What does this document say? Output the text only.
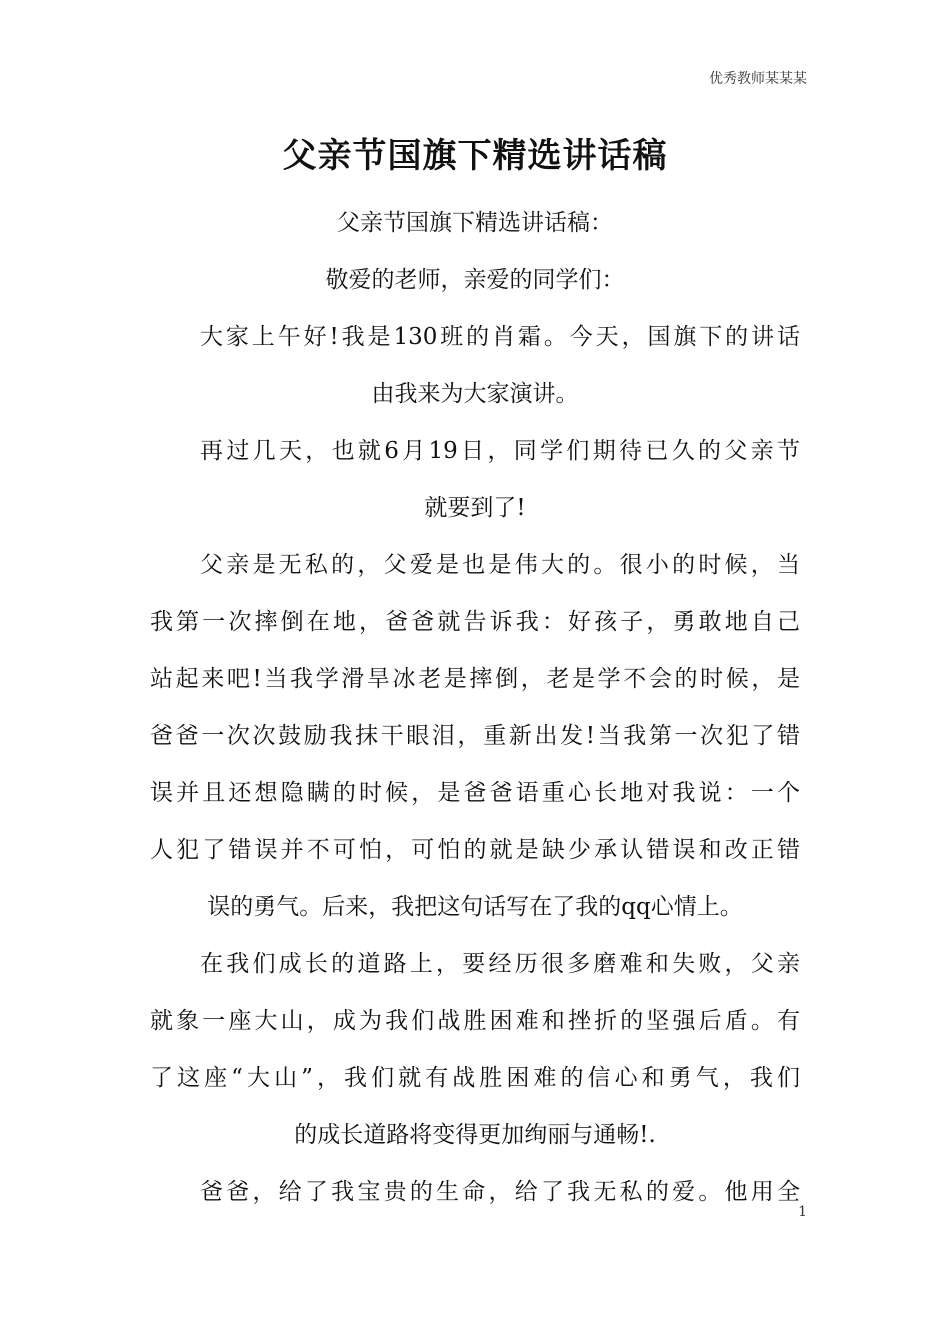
优秀教师某某某
父亲节国旗下精选讲话稿
父亲节国旗下精选讲话稿：
敬爱的老师，亲爱的同学们：
大家上午好!我是130班的肖霜。今天，国旗下的讲话
由我来为大家演讲。
再过几天，也就6月19日，同学们期待已久的父亲节
就要到了!
父亲是无私的，父爱是也是伟大的。很小的时候，当
我第一次摔倒在地，爸爸就告诉我：好孩子，勇敢地自己
站起来吧!当我学滑旱冰老是摔倒，老是学不会的时候，是
爸爸一次次鼓励我抹干眼泪，重新出发!当我第一次犯了错
误并且还想隐瞒的时候，是爸爸语重心长地对我说：一个
人犯了错误并不可怕，可怕的就是缺少承认错误和改正错
误的勇气。后来，我把这句话写在了我的qq心情上。
在我们成长的道路上，要经历很多磨难和失败，父亲
就象一座大山，成为我们战胜困难和挫折的坚强后盾。有
了这座“大山”，我们就有战胜困难的信心和勇气，我们
的成长道路将变得更加绚丽与通畅!.
爸爸，给了我宝贵的生命，给了我无私的爱。他用全
1
